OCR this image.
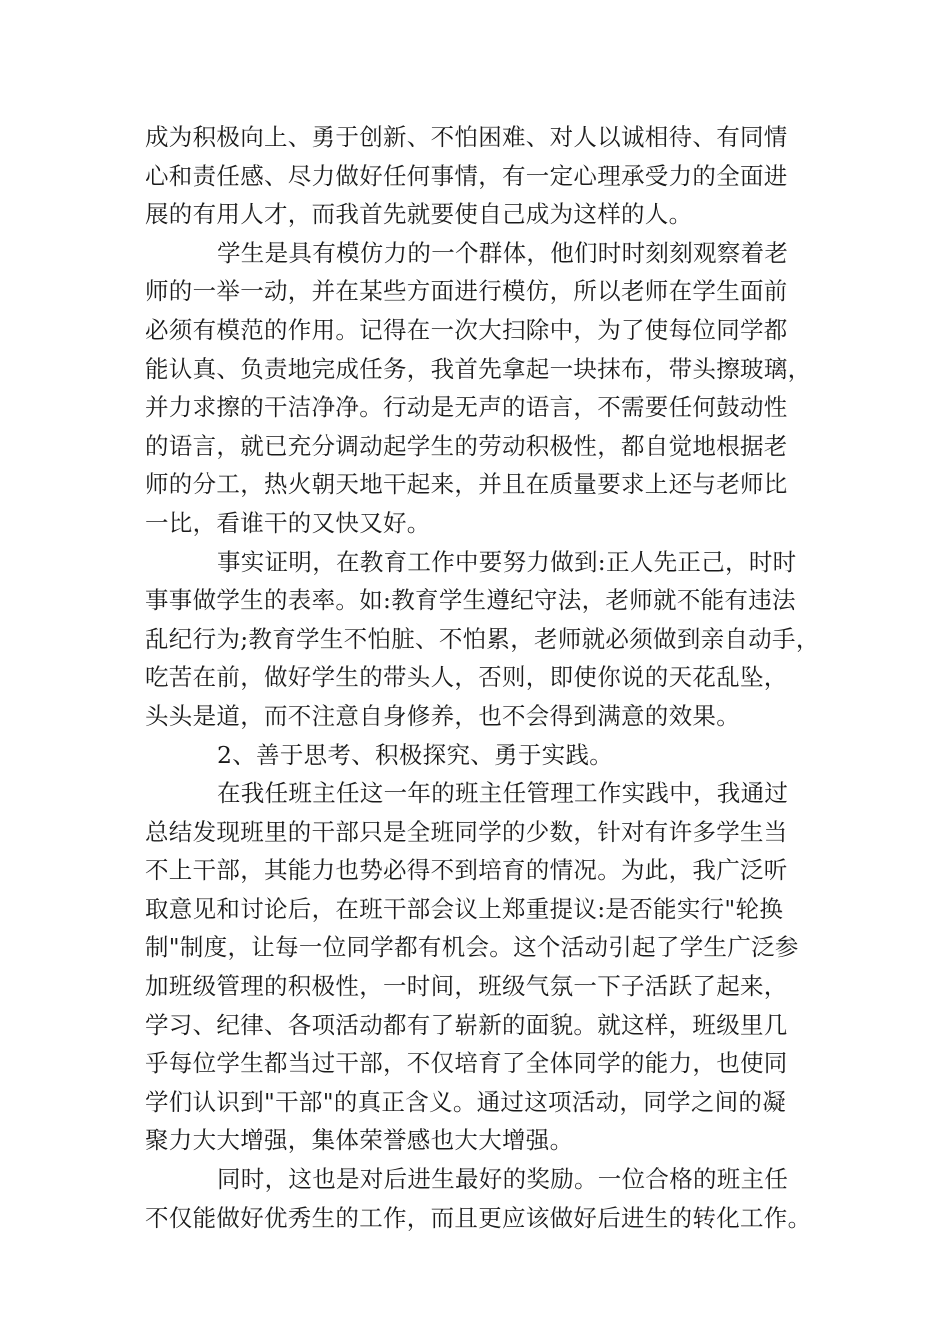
成为积极向上、勇于创新、不怕困难、对人以诚相待、有同情
心和责任感、尽力做好任何事情，有一定心理承受力的全面进
展的有用人才，而我首先就要使自己成为这样的人。
学生是具有模仿力的一个群体，他们时时刻刻观察着老
师的一举一动，并在某些方面进行模仿，所以老师在学生面前
必须有模范的作用。记得在一次大扫除中，为了使每位同学都
能认真、负责地完成任务，我首先拿起一块抹布，带头擦玻璃，
并力求擦的干洁净净。行动是无声的语言，不需要任何鼓动性
的语言，就已充分调动起学生的劳动积极性，都自觉地根据老
师的分工，热火朝天地干起来，并且在质量要求上还与老师比
一比，看谁干的又快又好。
事实证明，在教育工作中要努力做到:正人先正己，时时
事事做学生的表率。如:教育学生遵纪守法，老师就不能有违法
乱纪行为;教育学生不怕脏、不怕累，老师就必须做到亲自动手，
吃苦在前，做好学生的带头人，否则，即使你说的天花乱坠，
头头是道，而不注意自身修养，也不会得到满意的效果。
2、善于思考、积极探究、勇于实践。
在我任班主任这一年的班主任管理工作实践中，我通过
总结发现班里的干部只是全班同学的少数，针对有许多学生当
不上干部，其能力也势必得不到培育的情况。为此，我广泛听
取意见和讨论后，在班干部会议上郑重提议:是否能实行"轮换
制"制度，让每一位同学都有机会。这个活动引起了学生广泛参
加班级管理的积极性，一时间，班级气氛一下子活跃了起来，
学习、纪律、各项活动都有了崭新的面貌。就这样，班级里几
乎每位学生都当过干部，不仅培育了全体同学的能力，也使同
学们认识到"干部"的真正含义。通过这项活动，同学之间的凝
聚力大大增强，集体荣誉感也大大增强。
同时，这也是对后进生最好的奖励。一位合格的班主任
不仅能做好优秀生的工作，而且更应该做好后进生的转化工作。
